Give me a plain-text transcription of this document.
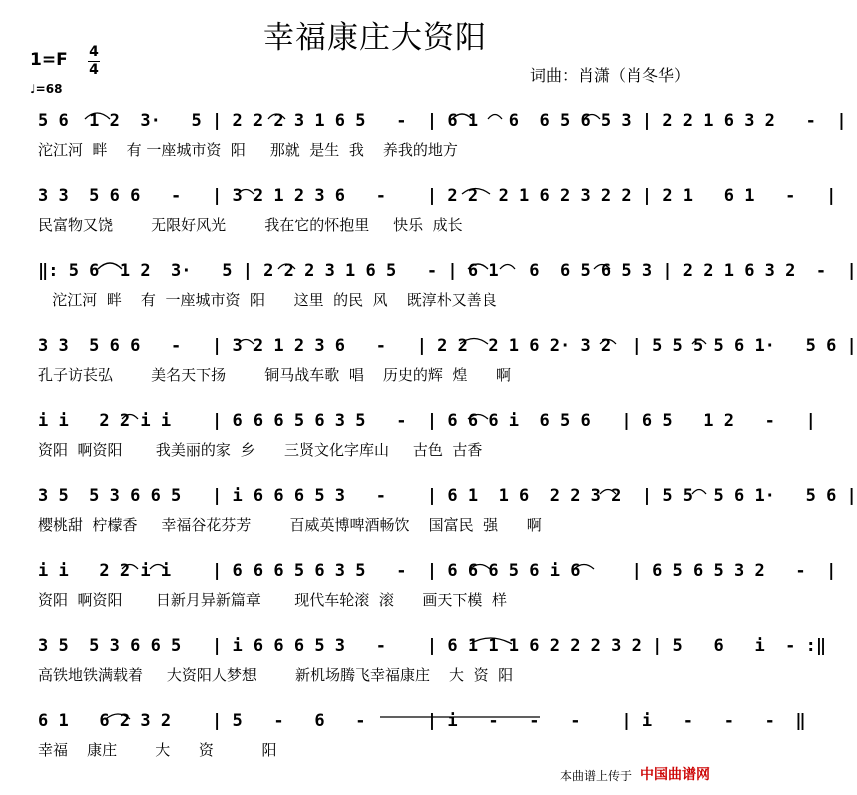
幸福康庄大资阳
1=F 4
4
♩=68
词曲：肖潇（肖冬华）
5 6  1 2  3·   5 | 2 2 2 3 1 6 5   -  | 6 1   6  6 5 6 5 3 | 2 2 1 6 3 2   -  |
沱江河  畔    有 一座城市资  阳     那就  是生  我    养我的地方
3 3  5 6 6   -   | 3 2 1 2 3 6   -    | 2 2  2 1 6 2 3 2 2 | 2 1   6 1   -   |
民富物又饶        无限好风光        我在它的怀抱里     快乐  成长
‖: 5 6  1 2  3·   5 | 2 2 2 3 1 6 5   - | 6 1   6  6 5 6 5 3 | 2 2 1 6 3 2  -  |
沱江河  畔    有  一座城市资  阳      这里  的民  风    既淳朴又善良
3 3  5 6 6   -   | 3 2 1 2 3 6   -   | 2 2  2 1 6 2· 3 2  | 5 5 5 5 6 1·   5 6 |
孔子访苌弘        美名天下扬        铜马战车歌  唱    历史的辉  煌      啊
i i   2 2 i i    | 6 6 6 5 6 3 5   -  | 6 6 6 i  6 5 6   | 6 5   1 2   -   |
资阳  啊资阳       我美丽的家  乡      三贤文化字库山     古色  古香
3 5  5 3 6 6 5   | i 6 6 6 5 3   -    | 6 1  1 6  2 2 3 2  | 5 5  5 6 1·   5 6 |
樱桃甜  柠檬香     幸福谷花芬芳        百威英博啤酒畅饮    国富民  强      啊
i i   2 2 i i    | 6 6 6 5 6 3 5   -  | 6 6 6 5 6 i 6     | 6 5 6 5 3 2   -  |
资阳  啊资阳       日新月异新篇章       现代车轮滚  滚      画天下模  样
3 5  5 3 6 6 5   | i 6 6 6 5 3   -    | 6 1 1 1 6 2 2 2 3 2 | 5   6   i  - :‖
高铁地铁满载着     大资阳人梦想        新机场腾飞幸福康庄    大  资  阳
6 1   6 2 3 2    | 5   -   6   -      | i   -   -   -    | i   -   -   -  ‖
幸福    康庄        大      资          阳
本曲谱上传于 中国曲谱网
